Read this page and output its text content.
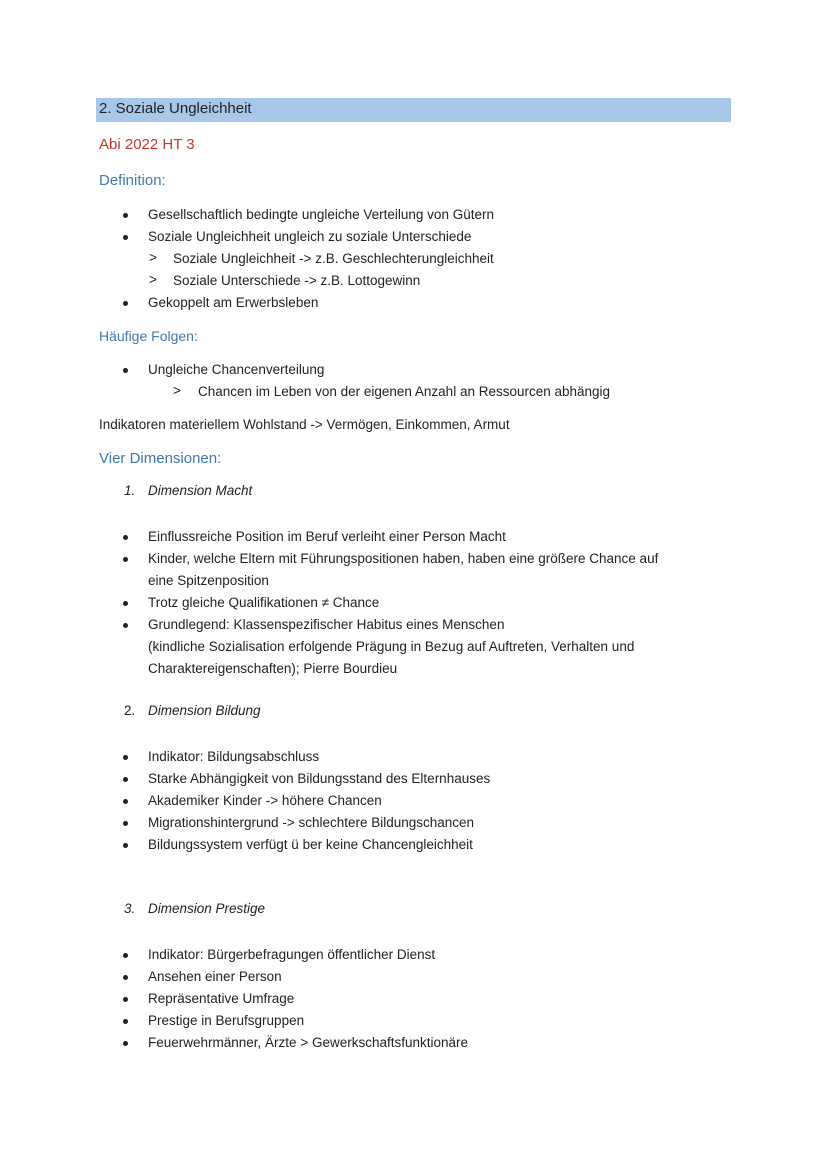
2. Soziale Ungleichheit
Abi 2022 HT 3
Definition:
Gesellschaftlich bedingte ungleiche Verteilung von Gütern
Soziale Ungleichheit ungleich zu soziale Unterschiede
> Soziale Ungleichheit -> z.B. Geschlechterungleichheit
> Soziale Unterschiede -> z.B. Lottogewinn
Gekoppelt am Erwerbsleben
Häufige Folgen:
Ungleiche Chancenverteilung
> Chancen im Leben von der eigenen Anzahl an Ressourcen abhängig
Indikatoren materiellem Wohlstand -> Vermögen, Einkommen, Armut
Vier Dimensionen:
1. Dimension Macht
Einflussreiche Position im Beruf verleiht einer Person Macht
Kinder, welche Eltern mit Führungspositionen haben, haben eine größere Chance auf
eine Spitzenposition
Trotz gleiche Qualifikationen ≠ Chance
Grundlegend: Klassenspezifischer Habitus eines Menschen
(kindliche Sozialisation erfolgende Prägung in Bezug auf Auftreten, Verhalten und
Charaktereigenschaften); Pierre Bourdieu
2. Dimension Bildung
Indikator: Bildungsabschluss
Starke Abhängigkeit von Bildungsstand des Elternhauses
Akademiker Kinder -> höhere Chancen
Migrationshintergrund -> schlechtere Bildungschancen
Bildungssystem verfügt ü ber keine Chancengleichheit
3. Dimension Prestige
Indikator: Bürgerbefragungen öffentlicher Dienst
Ansehen einer Person
Repräsentative Umfrage
Prestige in Berufsgruppen
Feuerwehrmänner, Ärzte > Gewerkschaftsfunktionäre
